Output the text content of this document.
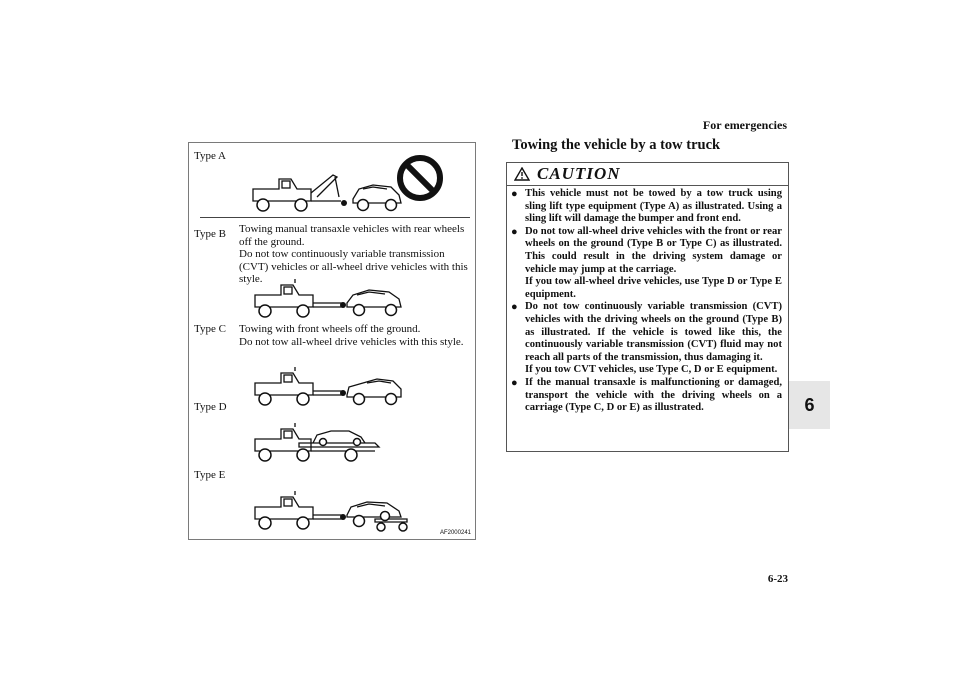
For emergencies
6
6-23
Type A
Type B Towing manual transaxle vehicles with rear wheels off the ground.
Do not tow continuously variable transmission (CVT) vehicles or all-wheel drive vehicles with this style.
Type C Towing with front wheels off the ground.
Do not tow all-wheel drive vehicles with this style.
Type D
Type E
AF2000241
Towing the vehicle by a tow truck
CAUTION
● This vehicle must not be towed by a tow truck using sling lift type equipment (Type A) as illustrated. Using a sling lift will damage the bumper and front end.
● Do not tow all-wheel drive vehicles with the front or rear wheels on the ground (Type B or Type C) as illustrated. This could result in the driving system damage or vehicle may jump at the carriage.
If you tow all-wheel drive vehicles, use Type D or Type E equipment.
● Do not tow continuously variable transmission (CVT) vehicles with the driving wheels on the ground (Type B) as illustrated. If the vehicle is towed like this, the continuously variable transmission (CVT) fluid may not reach all parts of the transmission, thus damaging it.
If you tow CVT vehicles, use Type C, D or E equipment.
● If the manual transaxle is malfunctioning or damaged, transport the vehicle with the driving wheels on a carriage (Type C, D or E) as illustrated.
